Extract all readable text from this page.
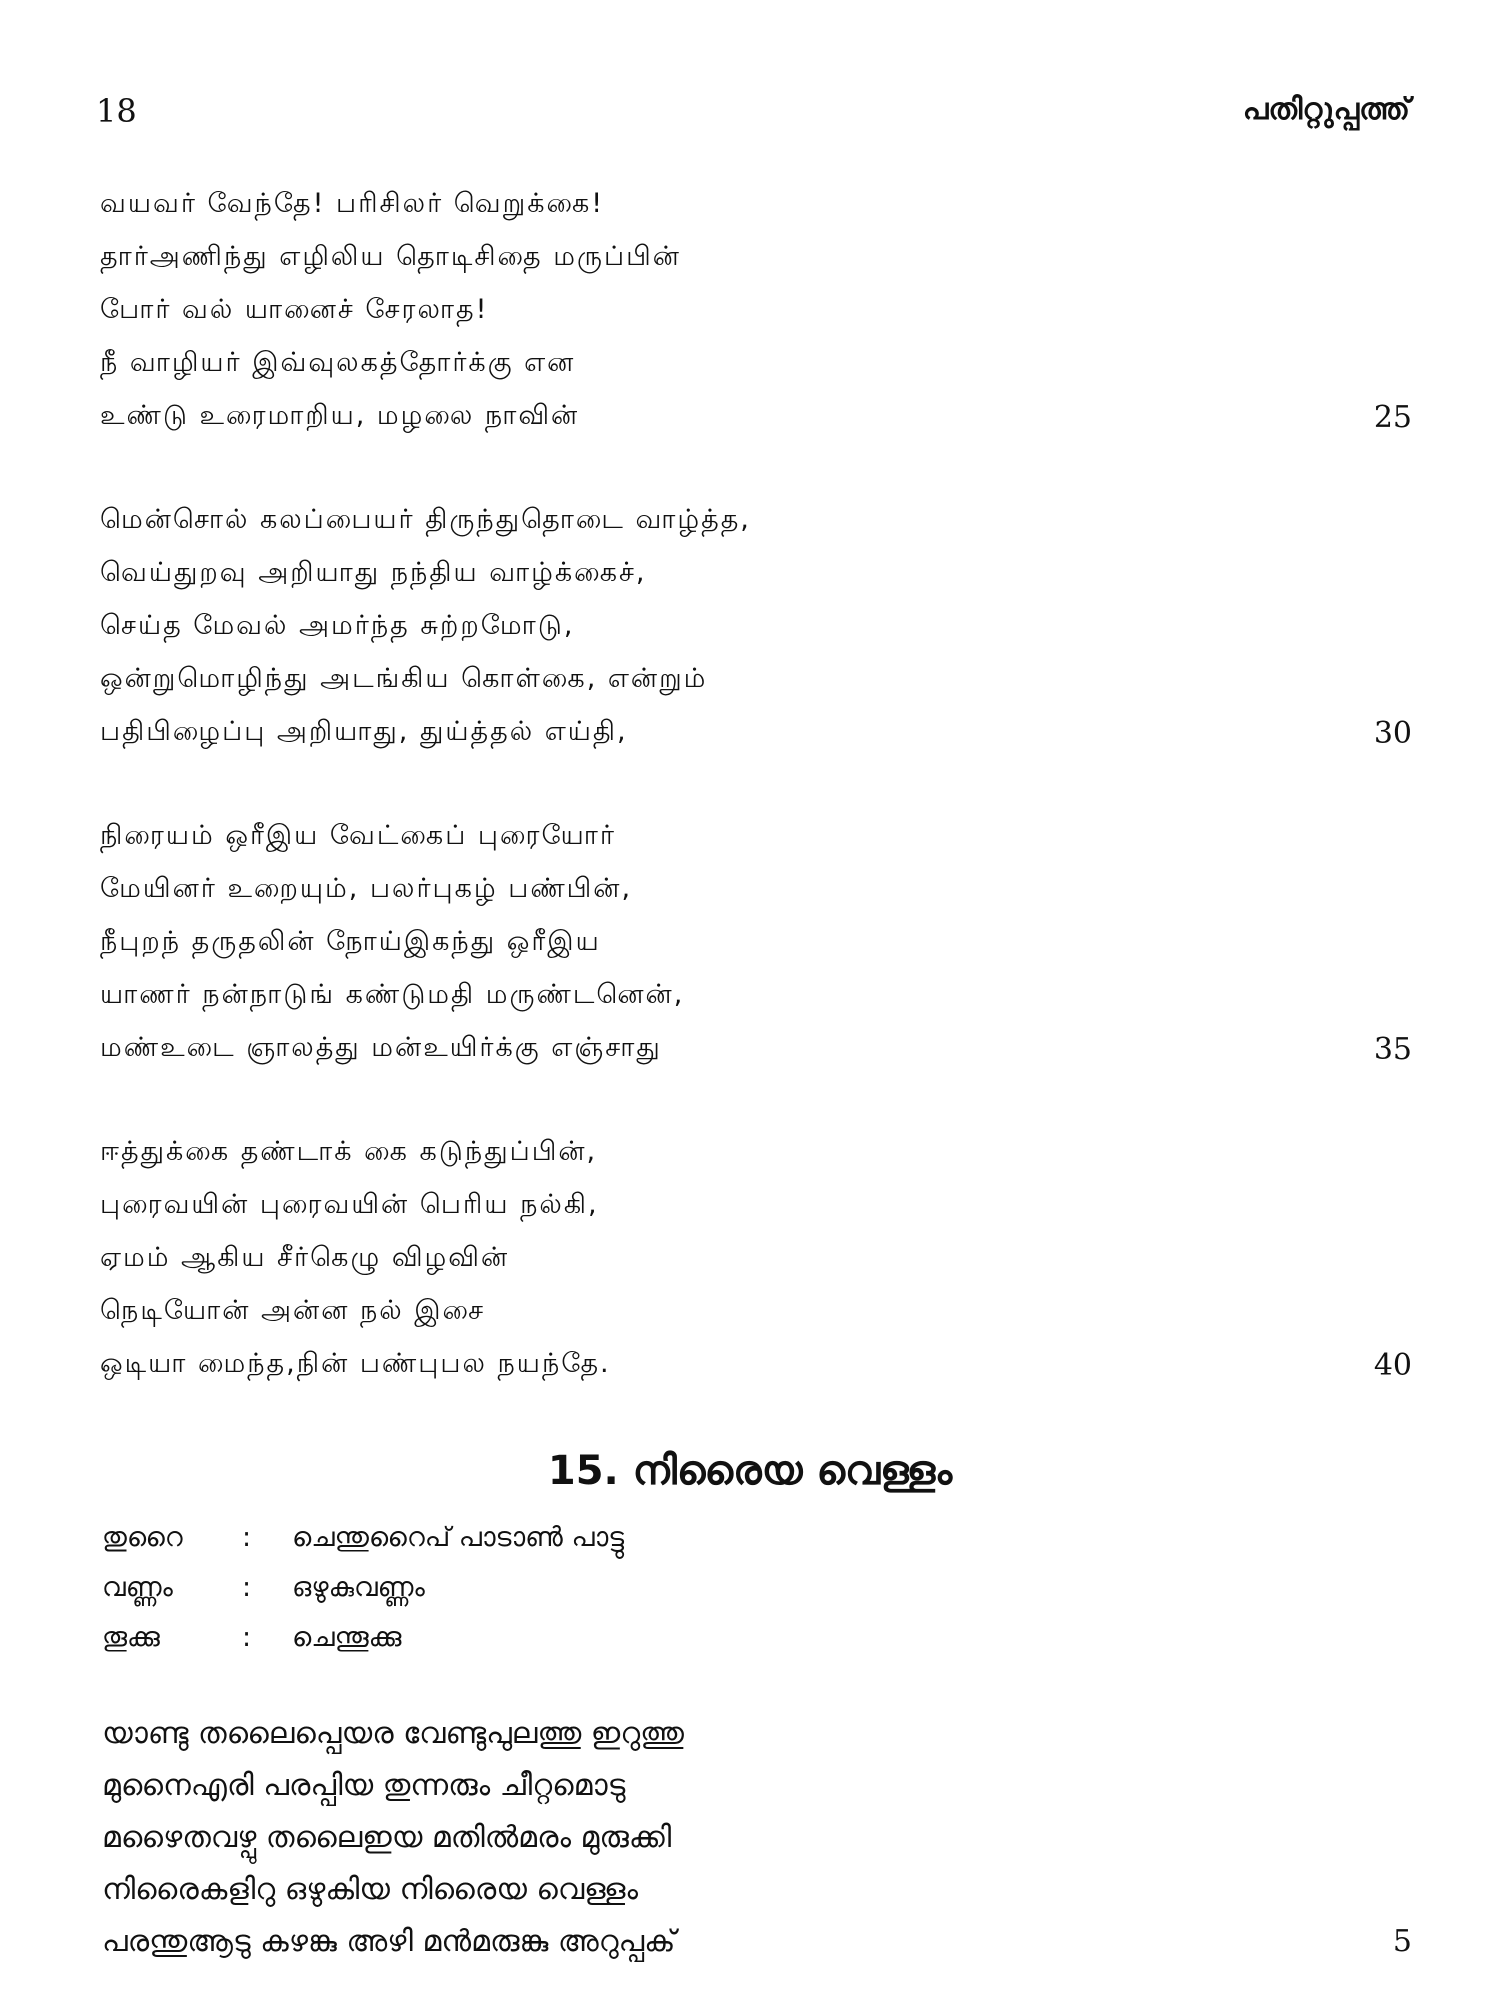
18	പതിറ്റുപ്പത്ത്
வயவர் வேந்தே! பரிசிலர் வெறுக்கை!
தார்அணிந்து எழிலிய தொடிசிதை மருப்பின்
போர் வல் யானைச் சேரலாத!
நீ வாழியர் இவ்வுலகத்தோர்க்கு என
உண்டு உரைமாறிய, மழலை நாவின்	25
மென்சொல் கலப்பையர் திருந்துதொடை வாழ்த்த,
வெய்துறவு அறியாது நந்திய வாழ்க்கைச்,
செய்த மேவல் அமர்ந்த சுற்றமோடு,
ஒன்றுமொழிந்து அடங்கிய கொள்கை, என்றும்
பதிபிழைப்பு அறியாது, துய்த்தல் எய்தி,	30
நிரையம் ஒரீஇய வேட்கைப் புரையோர்
மேயினர் உறையும், பலர்புகழ் பண்பின்,
நீபுறந் தருதலின் நோய்இகந்து ஒரீஇய
யாணர் நன்நாடுங் கண்டுமதி மருண்டனென்,
மண்உடை ஞாலத்து மன்உயிர்க்கு எஞ்சாது	35
ஈத்துக்கை தண்டாக் கை கடுந்துப்பின்,
புரைவயின் புரைவயின் பெரிய நல்கி,
ஏமம் ஆகிய சீர்கெழு விழவின்
நெடியோன் அன்ன நல் இசை
ஒடியா மைந்த,நின் பண்புபல நயந்தே.	40
15. നിരൈയ വെള്ളം
തുറൈ : ചെന്തുറൈപ് പാടാൺ പാട്ടു
വണ്ണം	: ഒഴുകുവണ്ണം
തൂക്കു	: ചെന്തൂക്കു
യാണ്ടു തലൈപ്പെയര വേണ്ടുപുലത്തു ഇറുത്തു
മുനൈഎരി പരപ്പിയ തുന്നരും ചീറ്റമൊടു
മഴൈതവഴ്പു തലൈഇയ മതിൽമരം മുരുക്കി
നിരൈകളിറു ഒഴുകിയ നിരൈയ വെള്ളം
പരന്തുആടു കഴങ്കു അഴി മൻമരുങ്കു അറുപ്പക്	5
